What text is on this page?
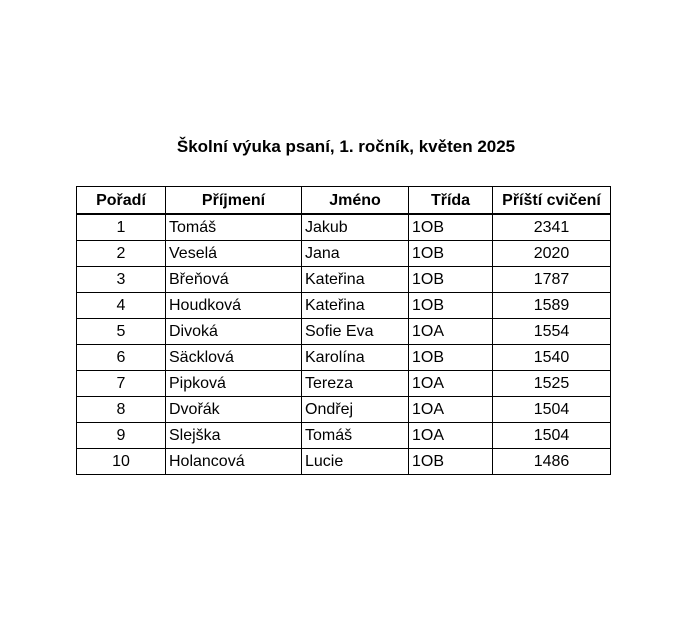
Školní výuka psaní, 1. ročník, květen 2025
Pořadí	Příjmení	Jméno	Třída	Příští cvičení
1	Tomáš	Jakub	1OB	2341
2	Veselá	Jana	1OB	2020
3	Břeňová	Kateřina	1OB	1787
4	Houdková	Kateřina	1OB	1589
5	Divoká	Sofie Eva	1OA	1554
6	Säcklová	Karolína	1OB	1540
7	Pipková	Tereza	1OA	1525
8	Dvořák	Ondřej	1OA	1504
9	Slejška	Tomáš	1OA	1504
10	Holancová	Lucie	1OB	1486
